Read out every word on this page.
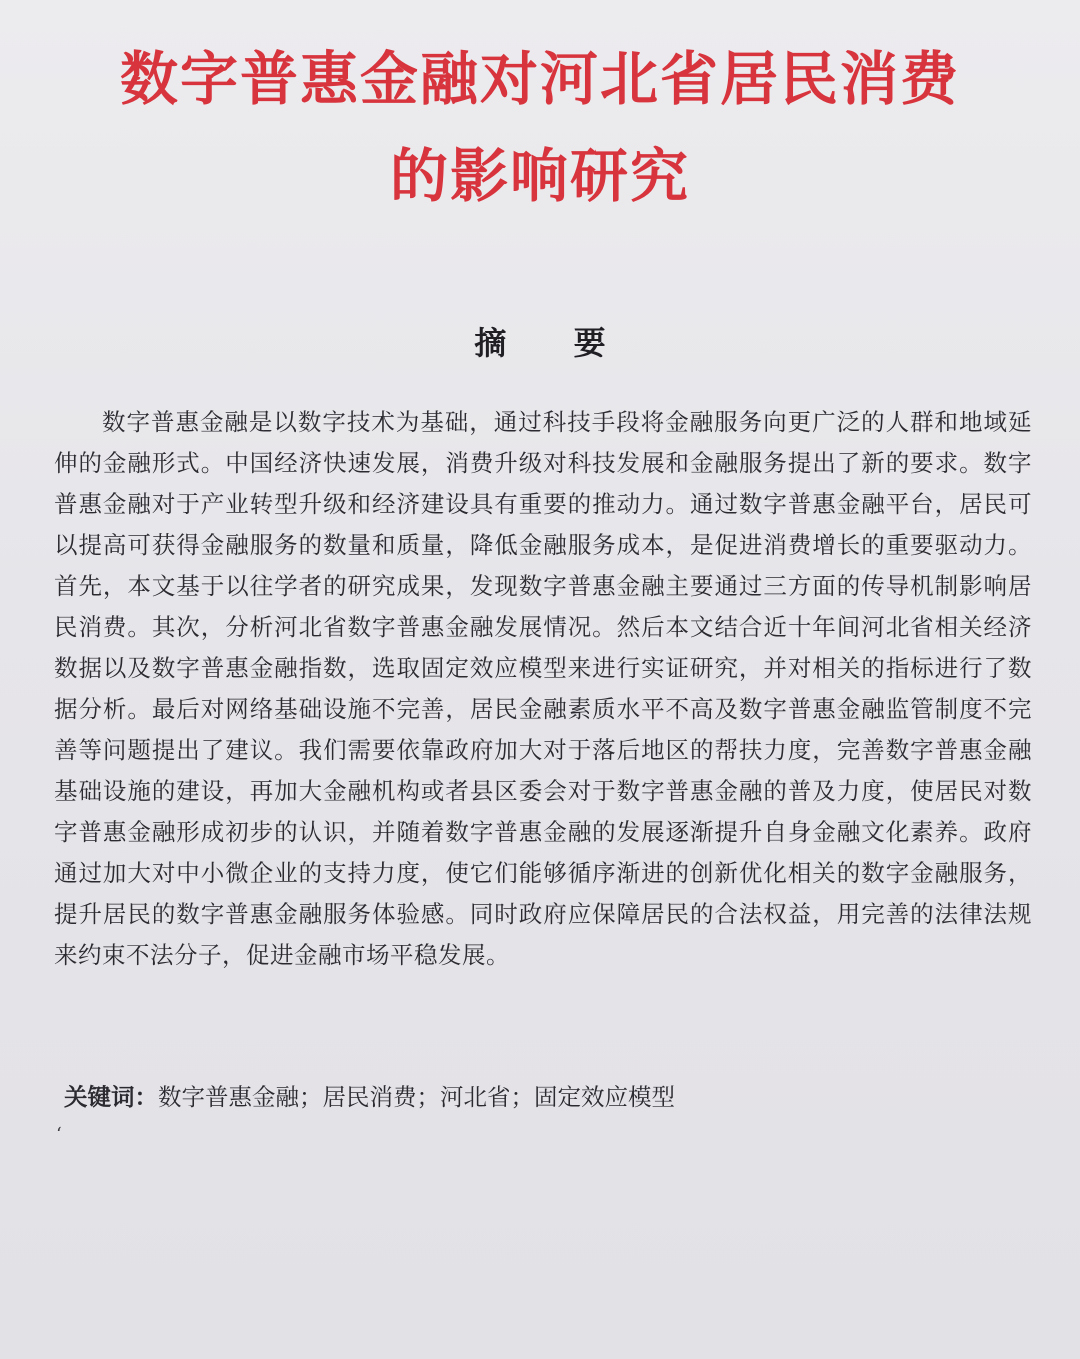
数字普惠金融对河北省居民消费
的影响研究
摘 要

数字普惠金融是以数字技术为基础，通过科技手段将金融服务向更广泛的人群和地域延伸的金融形式。中国经济快速发展，消费升级对科技发展和金融服务提出了新的要求。数字普惠金融对于产业转型升级和经济建设具有重要的推动力。通过数字普惠金融平台，居民可以提高可获得金融服务的数量和质量，降低金融服务成本，是促进消费增长的重要驱动力。首先，本文基于以往学者的研究成果，发现数字普惠金融主要通过三方面的传导机制影响居民消费。其次，分析河北省数字普惠金融发展情况。然后本文结合近十年间河北省相关经济数据以及数字普惠金融指数，选取固定效应模型来进行实证研究，并对相关的指标进行了数据分析。最后对网络基础设施不完善，居民金融素质水平不高及数字普惠金融监管制度不完善等问题提出了建议。我们需要依靠政府加大对于落后地区的帮扶力度，完善数字普惠金融基础设施的建设，再加大金融机构或者县区委会对于数字普惠金融的普及力度，使居民对数字普惠金融形成初步的认识，并随着数字普惠金融的发展逐渐提升自身金融文化素养。政府通过加大对中小微企业的支持力度，使它们能够循序渐进的创新优化相关的数字金融服务，提升居民的数字普惠金融服务体验感。同时政府应保障居民的合法权益，用完善的法律法规来约束不法分子，促进金融市场平稳发展。

关键词：数字普惠金融；居民消费；河北省；固定效应模型
‘
